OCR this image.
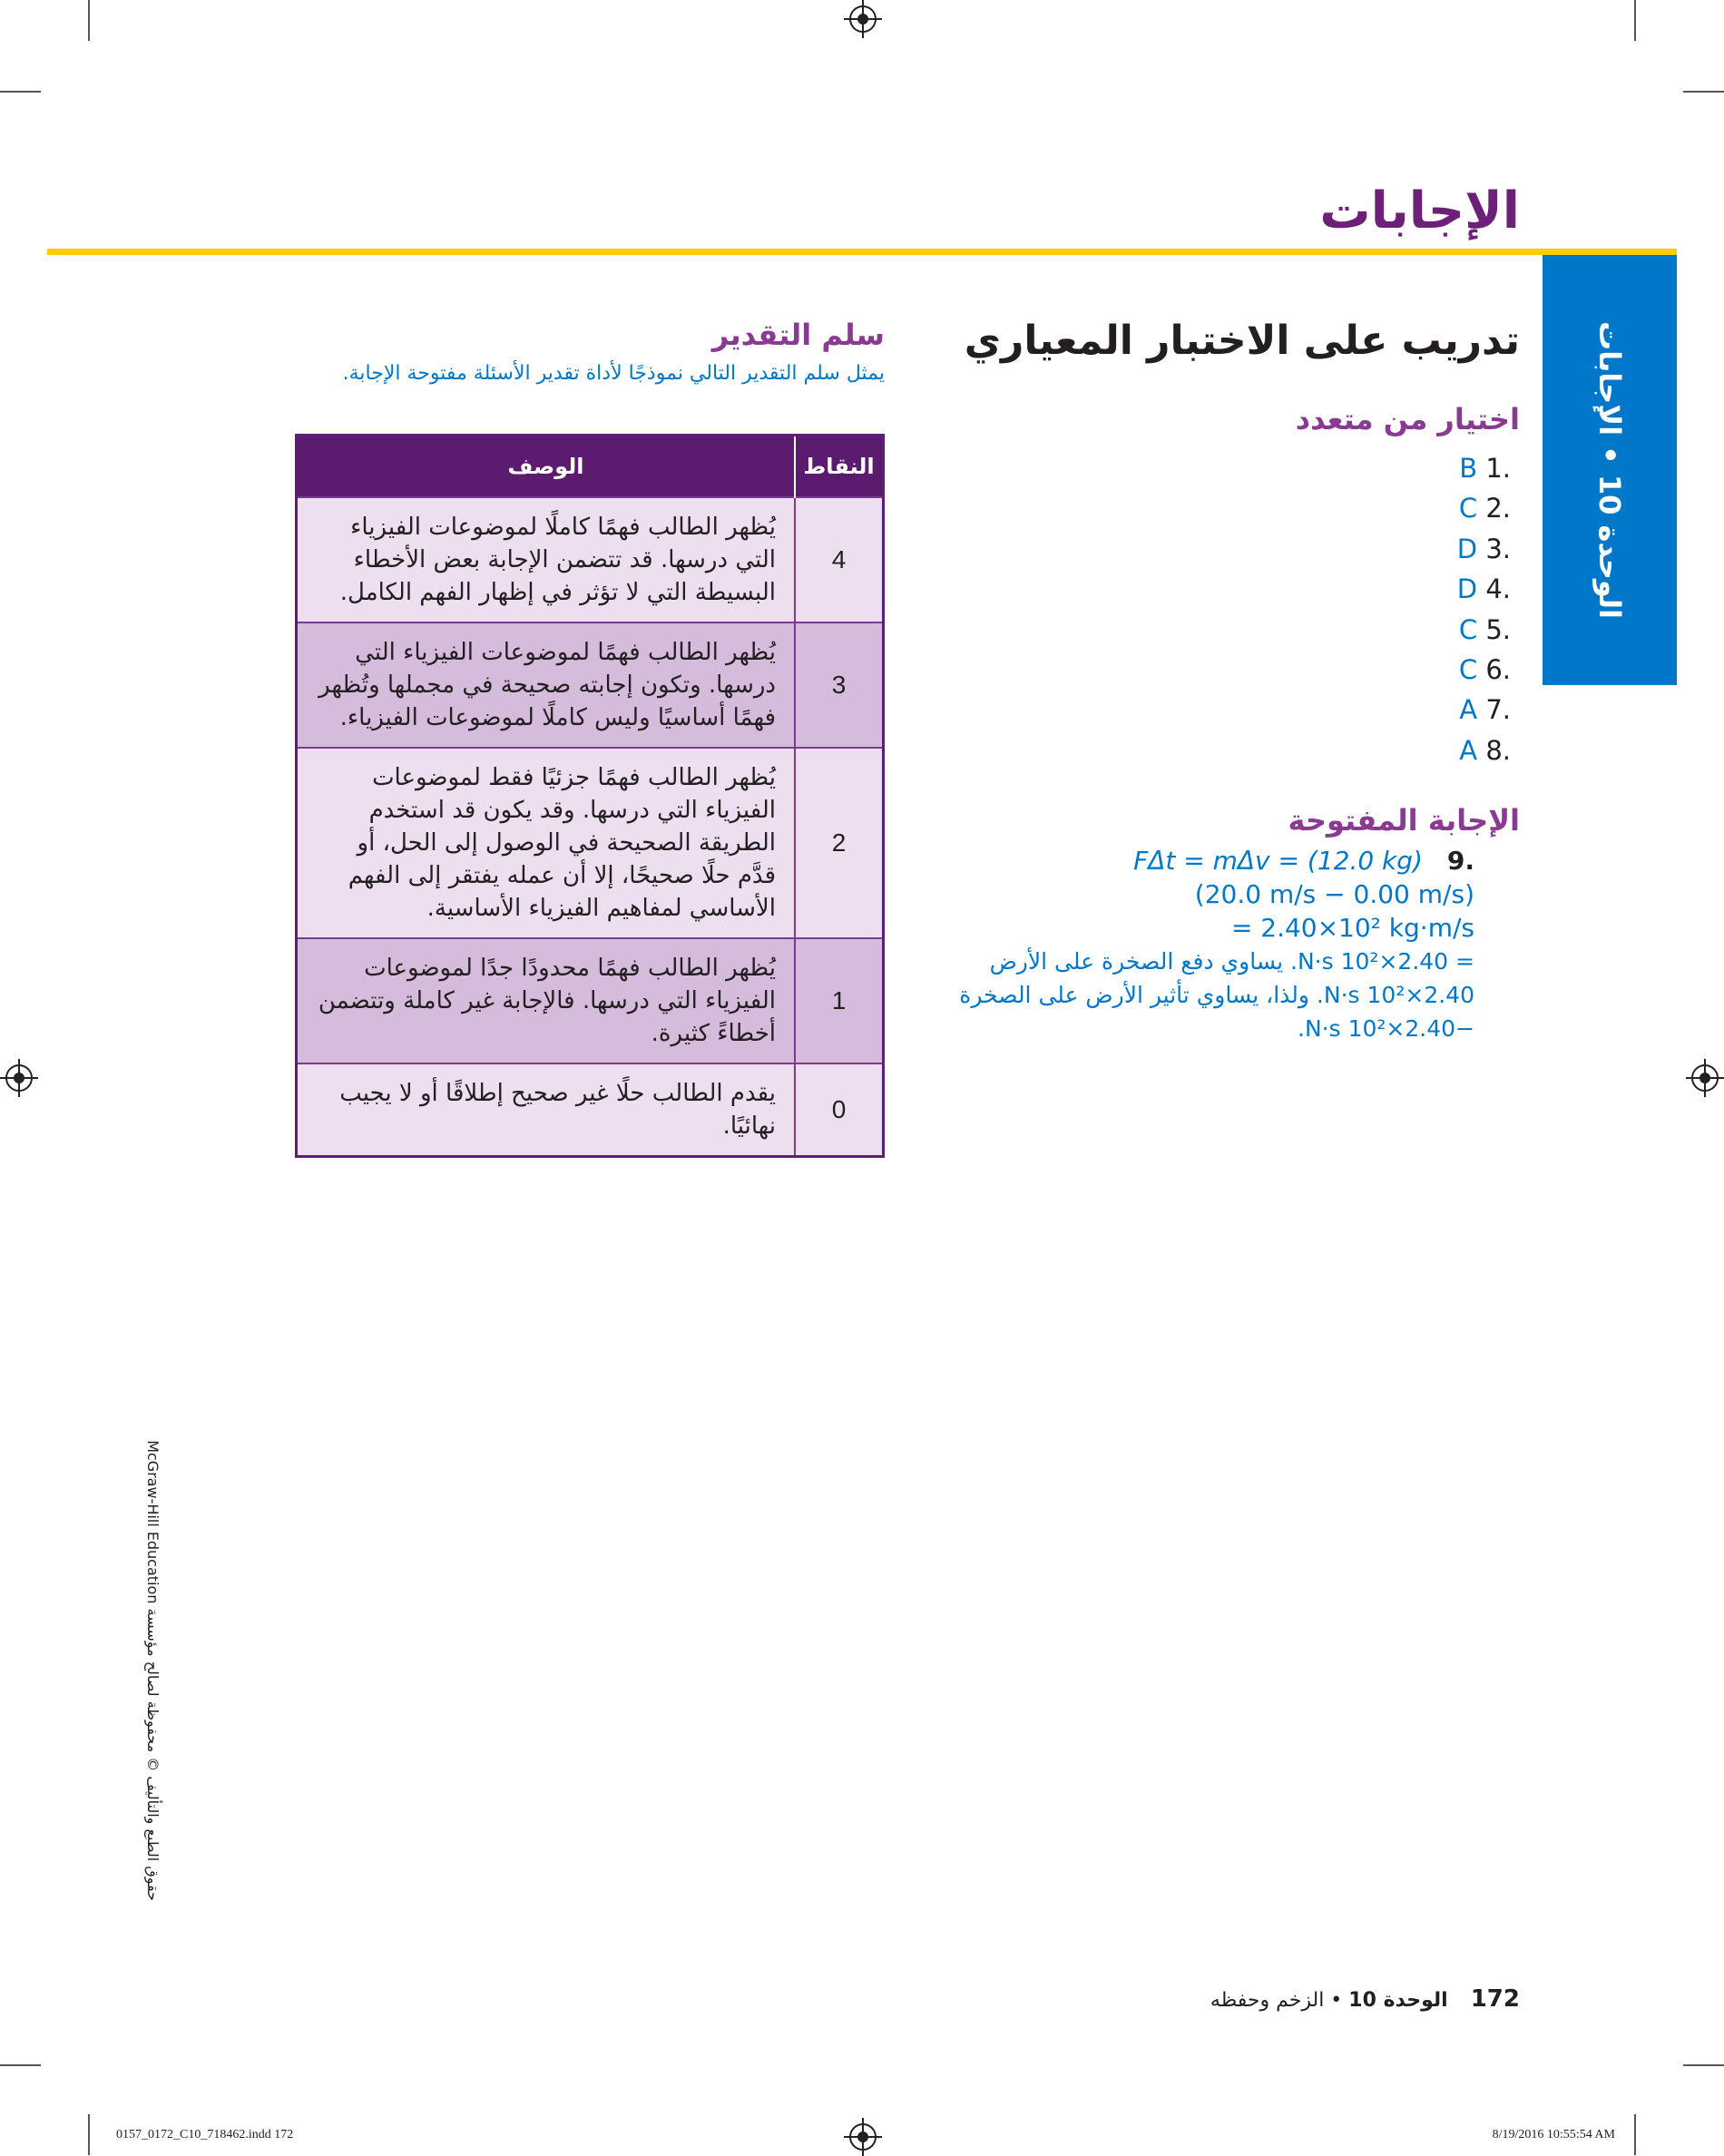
الإجابات
الوحدة 10 • الإجابات
تدريب على الاختبار المعياري
اختيار من متعدد
.1 B
.2 C
.3 D
.4 D
.5 C
.6 C
.7 A
.8 A
الإجابة المفتوحة
.9 FΔt = mΔv = (12.0 kg)
(20.0 m/s − 0.00 m/s)
= 2.40×10² kg·m/s
= 2.40×10² N·s. يساوي دفع الصخرة على الأرض
2.40×10² N·s. ولذا، يساوي تأثير الأرض على الصخرة
−2.40×10² N·s.
سلم التقدير
يمثل سلم التقدير التالي نموذجًا لأداة تقدير الأسئلة مفتوحة الإجابة.
النقاط	الوصف
4	يُظهر الطالب فهمًا كاملًا لموضوعات الفيزياء التي درسها. قد تتضمن الإجابة بعض الأخطاء البسيطة التي لا تؤثر في إظهار الفهم الكامل.
3	يُظهر الطالب فهمًا لموضوعات الفيزياء التي درسها. وتكون إجابته صحيحة في مجملها وتُظهر فهمًا أساسيًا وليس كاملًا لموضوعات الفيزياء.
2	يُظهر الطالب فهمًا جزئيًا فقط لموضوعات الفيزياء التي درسها. وقد يكون قد استخدم الطريقة الصحيحة في الوصول إلى الحل، أو قدَّم حلًا صحيحًا، إلا أن عمله يفتقر إلى الفهم الأساسي لمفاهيم الفيزياء الأساسية.
1	يُظهر الطالب فهمًا محدودًا جدًا لموضوعات الفيزياء التي درسها. فالإجابة غير كاملة وتتضمن أخطاءً كثيرة.
0	يقدم الطالب حلًا غير صحيح إطلاقًا أو لا يجيب نهائيًا.
حقوق الطبع والتأليف © محفوظة لصالح مؤسسة McGraw-Hill Education
172 الوحدة 10 • الزخم وحفظه
0157_0172_C10_718462.indd 172	8/19/2016 10:55:54 AM
